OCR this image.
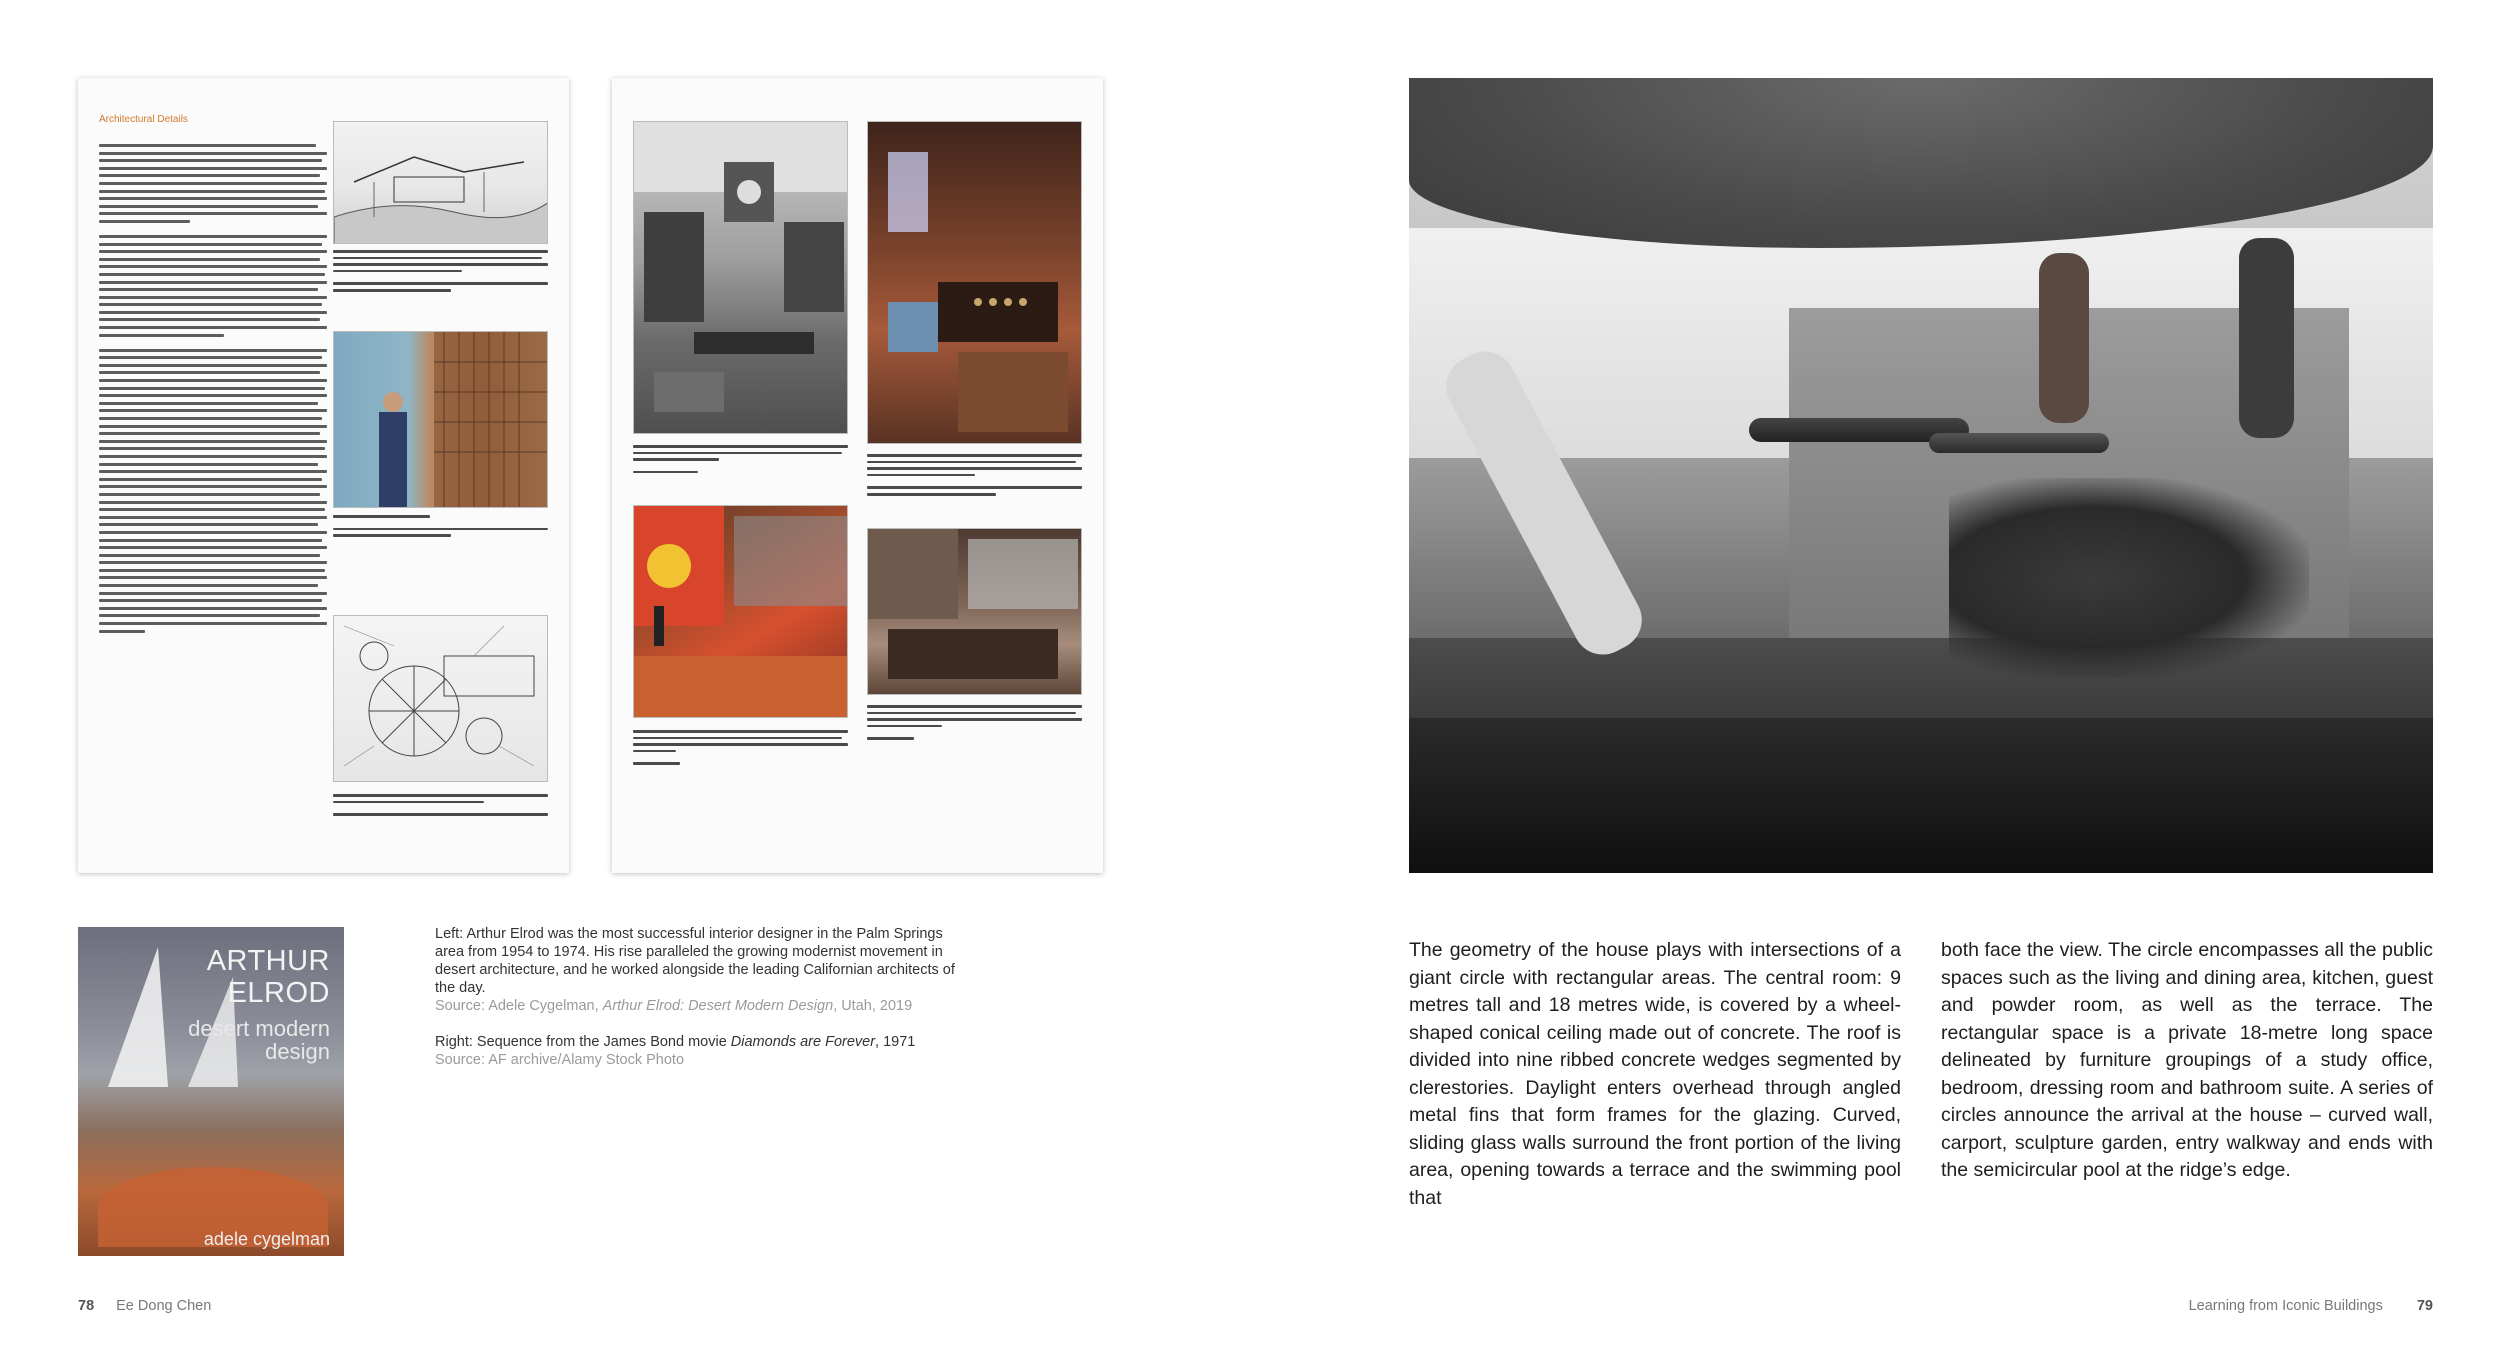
Architectural Details
ARTHUR
ELROD
desert modern
design
adele cygelman
Left: Arthur Elrod was the most successful interior designer in the Palm Springs area from 1954 to 1974. His rise paralleled the growing modernist movement in desert architecture, and he worked alongside the leading Californian architects of the day.
Source: Adele Cygelman, Arthur Elrod: Desert Modern Design, Utah, 2019
Right: Sequence from the James Bond movie Diamonds are Forever, 1971
Source: AF archive/Alamy Stock Photo
The geometry of the house plays with intersections of a giant circle with rectangular areas. The central room: 9 metres tall and 18 metres wide, is covered by a wheel-shaped conical ceiling made out of concrete. The roof is divided into nine ribbed concrete wedges segmented by clerestories. Daylight enters overhead through angled metal fins that form frames for the glazing. Curved, sliding glass walls surround the front portion of the living area, opening towards a terrace and the swimming pool that
both face the view. The circle encompasses all the public spaces such as the living and dining area, kitchen, guest and powder room, as well as the terrace. The rectangular space is a private 18-metre long space delineated by furniture groupings of a study office, bedroom, dressing room and bathroom suite. A series of circles announce the arrival at the house – curved wall, carport, sculpture garden, entry walkway and ends with the semicircular pool at the ridge’s edge.
78 Ee Dong Chen	Learning from Iconic Buildings 79
